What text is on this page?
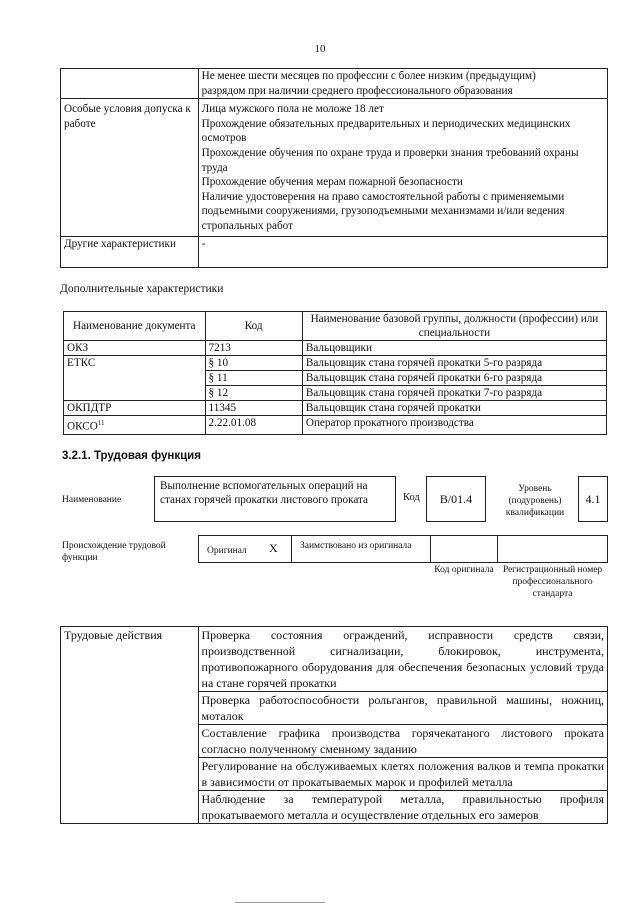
10

	Не менее шести месяцев по профессии с более низким (предыдущим)
разрядом при наличии среднего профессионального образования

Особые условия допуска к работе	Лица мужского пола не моложе 18 лет
Прохождение обязательных предварительных и периодических медицинских осмотров
Прохождение обучения по охране труда и проверки знания требований охраны труда
Прохождение обучения мерам пожарной безопасности
Наличие удостоверения на право самостоятельной работы с применяемыми подъемными сооружениями, грузоподъемными механизмами и/или ведения стропальных работ

Другие характеристики	-
Дополнительные характеристики
Наименование документа	Код	Наименование базовой группы, должности (профессии) или специальности
ОКЗ	7213	Вальцовщики
ЕТКС	§ 10	Вальцовщик стана горячей прокатки 5-го разряда
	§ 11	Вальцовщик стана горячей прокатки 6-го разряда
	§ 12	Вальцовщик стана горячей прокатки 7-го разряда
ОКПДТР	11345	Вальцовщик стана горячей прокатки
ОКСО$^{11}$	2.22.01.08	Оператор прокатного производства
3.2.1. Трудовая функция
Наименование
Выполнение вспомогательных операций на станах горячей прокатки листового проката	Код	B/01.4
Уровень (подуровень) квалификации
4.1
Происхождение трудовой функции
Оригинал X	Заимствовано из оригинала
Код оригинала Регистрационный номер профессионального стандарта
Трудовые действия	Проверка состояния ограждений, исправности средств связи, производственной сигнализации, блокировок, инструмента, противопожарного оборудования для обеспечения безопасных условий труда на стане горячей прокатки
Проверка работоспособности рольгангов, правильной машины, ножниц, моталок
Составление графика производства горячекатаного листового проката согласно полученному сменному заданию
Регулирование на обслуживаемых клетях положения валков и темпа прокатки в зависимости от прокатываемых марок и профилей металла
Наблюдение за температурой металла, правильностью профиля прокатываемого металла и осуществление отдельных его замеров
